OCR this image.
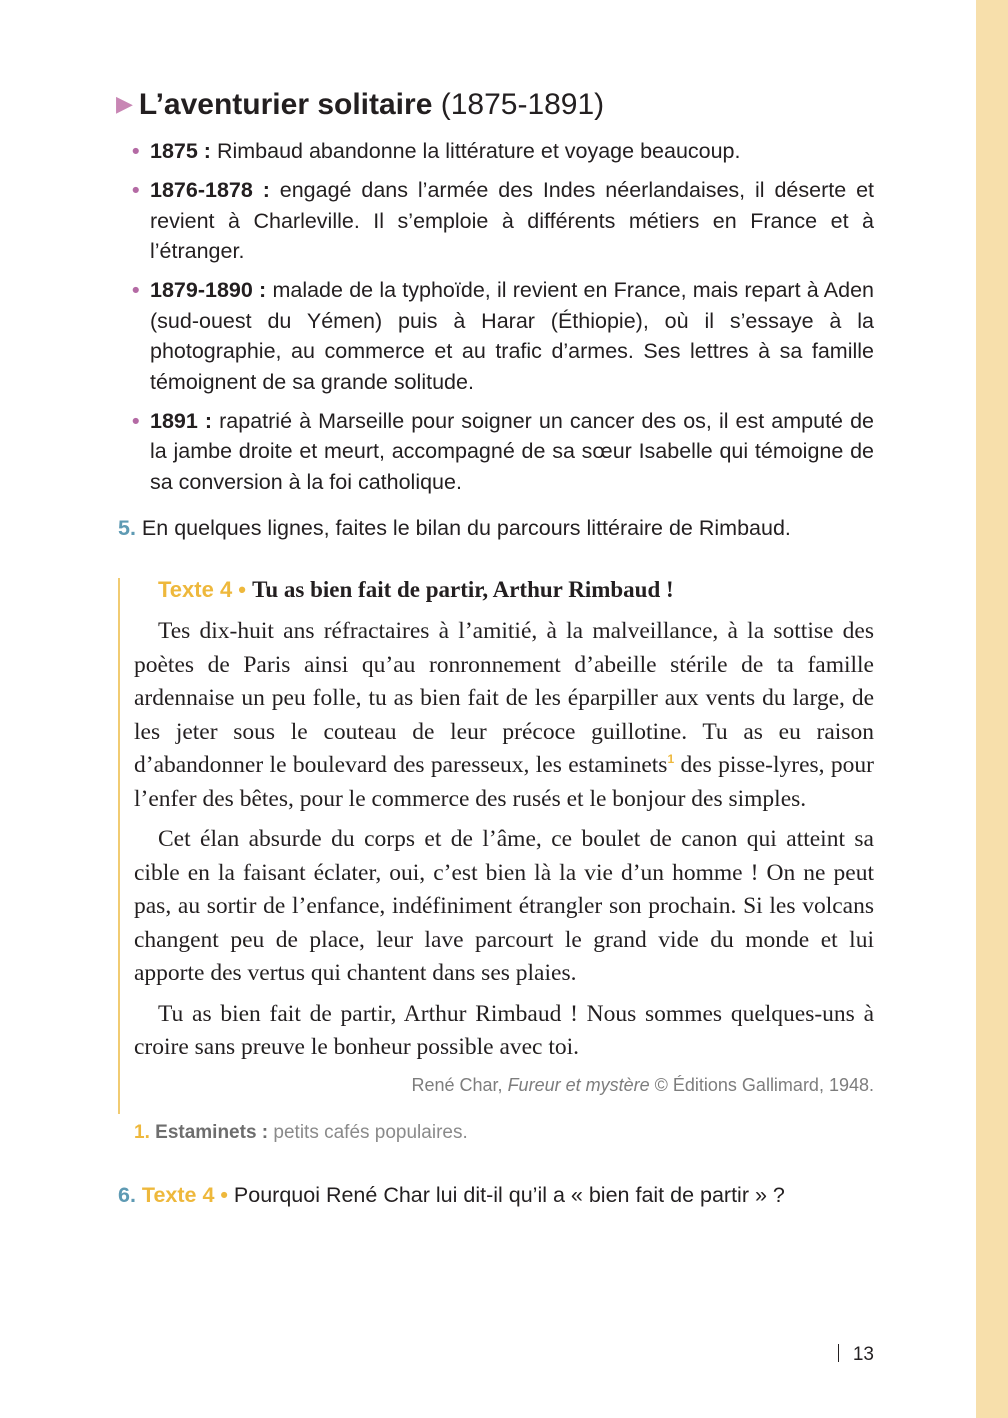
▶ L’aventurier solitaire (1875-1891)
• 1875 : Rimbaud abandonne la littérature et voyage beaucoup.
• 1876-1878 : engagé dans l’armée des Indes néerlandaises, il déserte et revient à Charleville. Il s’emploie à différents métiers en France et à l’étranger.
• 1879-1890 : malade de la typhoïde, il revient en France, mais repart à Aden (sud-ouest du Yémen) puis à Harar (Éthiopie), où il s’essaye à la photographie, au commerce et au trafic d’armes. Ses lettres à sa famille témoignent de sa grande solitude.
• 1891 : rapatrié à Marseille pour soigner un cancer des os, il est amputé de la jambe droite et meurt, accompagné de sa sœur Isabelle qui témoigne de sa conversion à la foi catholique.
5. En quelques lignes, faites le bilan du parcours littéraire de Rimbaud.
Texte 4 • Tu as bien fait de partir, Arthur Rimbaud !

Tes dix-huit ans réfractaires à l’amitié, à la malveillance, à la sottise des poètes de Paris ainsi qu’au ronronnement d’abeille stérile de ta famille ardennaise un peu folle, tu as bien fait de les éparpiller aux vents du large, de les jeter sous le couteau de leur précoce guillotine. Tu as eu raison d’abandonner le boulevard des paresseux, les estaminets$^1$ des pisse-lyres, pour l’enfer des bêtes, pour le commerce des rusés et le bonjour des simples.

Cet élan absurde du corps et de l’âme, ce boulet de canon qui atteint sa cible en la faisant éclater, oui, c’est bien là la vie d’un homme ! On ne peut pas, au sortir de l’enfance, indéfiniment étrangler son prochain. Si les volcans changent peu de place, leur lave parcourt le grand vide du monde et lui apporte des vertus qui chantent dans ses plaies.

Tu as bien fait de partir, Arthur Rimbaud ! Nous sommes quelques-uns à croire sans preuve le bonheur possible avec toi.

René Char, Fureur et mystère © Éditions Gallimard, 1948.
1. Estaminets : petits cafés populaires.
6. Texte 4 • Pourquoi René Char lui dit-il qu’il a « bien fait de partir » ?
13
